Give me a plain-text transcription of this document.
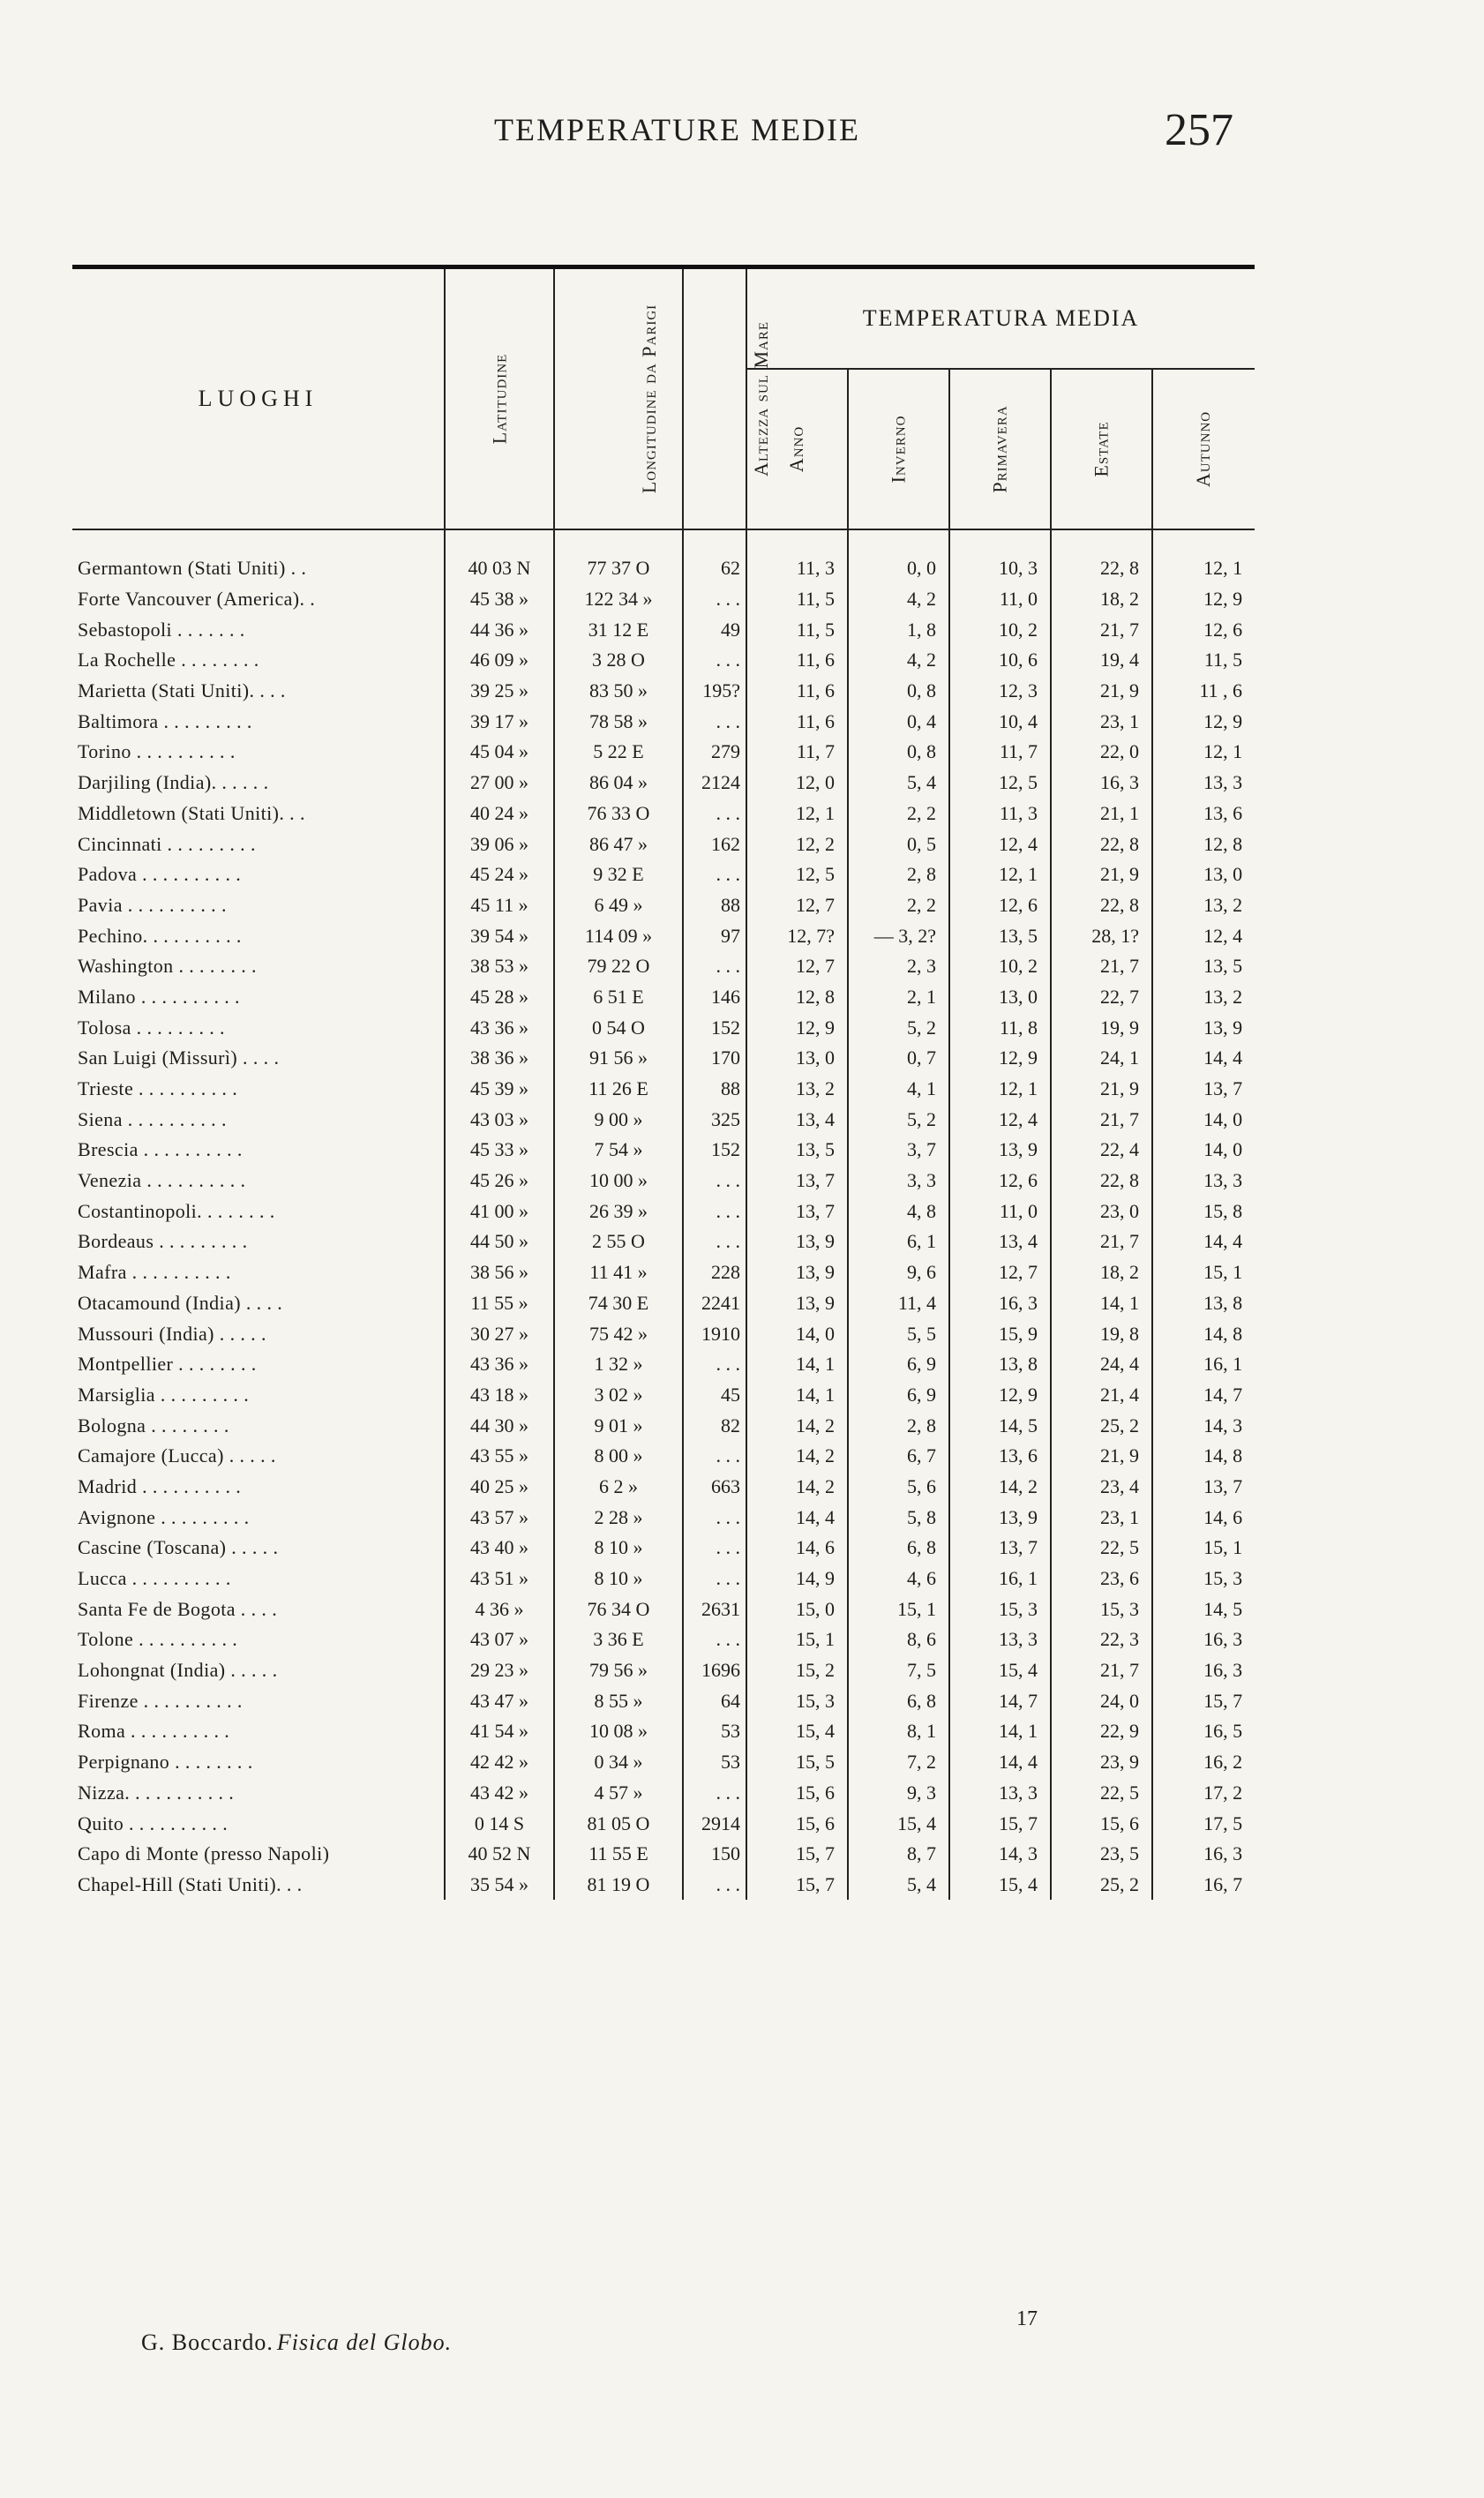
TEMPERATURE MEDIE	257
LUOGHI	Latitudine	Longitudine da Parigi	Altezza sul Mare	TEMPERATURA MEDIA				
				Anno	Inverno	Primavera	Estate	Autunno
Germantown (Stati Uniti) . .	40 03 N	77 37 O	62	11, 3	0, 0	10, 3	22, 8	12, 1
Forte Vancouver (America). .	45 38 »	122 34 »	. . .	11, 5	4, 2	11, 0	18, 2	12, 9
Sebastopoli . . . . . . .	44 36 »	31 12 E	49	11, 5	1, 8	10, 2	21, 7	12, 6
La Rochelle . . . . . . . .	46 09 »	3 28 O	. . .	11, 6	4, 2	10, 6	19, 4	11, 5
Marietta (Stati Uniti). . . .	39 25 »	83 50 »	195?	11, 6	0, 8	12, 3	21, 9	11 , 6
Baltimora . . . . . . . . .	39 17 »	78 58 »	. . .	11, 6	0, 4	10, 4	23, 1	12, 9
Torino . . . . . . . . . .	45 04 »	5 22 E	279	11, 7	0, 8	11, 7	22, 0	12, 1
Darjiling (India). . . . . .	27 00 »	86 04 »	2124	12, 0	5, 4	12, 5	16, 3	13, 3
Middletown (Stati Uniti). . .	40 24 »	76 33 O	. . .	12, 1	2, 2	11, 3	21, 1	13, 6
Cincinnati . . . . . . . . .	39 06 »	86 47 »	162	12, 2	0, 5	12, 4	22, 8	12, 8
Padova . . . . . . . . . .	45 24 »	9 32 E	. . .	12, 5	2, 8	12, 1	21, 9	13, 0
Pavia . . . . . . . . . .	45 11 »	6 49 »	88	12, 7	2, 2	12, 6	22, 8	13, 2
Pechino. . . . . . . . . .	39 54 »	114 09 »	97	12, 7?	— 3, 2?	13, 5	28, 1?	12, 4
Washington . . . . . . . .	38 53 »	79 22 O	. . .	12, 7	2, 3	10, 2	21, 7	13, 5
Milano . . . . . . . . . .	45 28 »	6 51 E	146	12, 8	2, 1	13, 0	22, 7	13, 2
Tolosa . . . . . . . . .	43 36 »	0 54 O	152	12, 9	5, 2	11, 8	19, 9	13, 9
San Luigi (Missurì) . . . .	38 36 »	91 56 »	170	13, 0	0, 7	12, 9	24, 1	14, 4
Trieste . . . . . . . . . .	45 39 »	11 26 E	88	13, 2	4, 1	12, 1	21, 9	13, 7
Siena . . . . . . . . . .	43 03 »	9 00 »	325	13, 4	5, 2	12, 4	21, 7	14, 0
Brescia . . . . . . . . . .	45 33 »	7 54 »	152	13, 5	3, 7	13, 9	22, 4	14, 0
Venezia . . . . . . . . . .	45 26 »	10 00 »	. . .	13, 7	3, 3	12, 6	22, 8	13, 3
Costantinopoli. . . . . . . .	41 00 »	26 39 »	. . .	13, 7	4, 8	11, 0	23, 0	15, 8
Bordeaus . . . . . . . . .	44 50 »	2 55 O	. . .	13, 9	6, 1	13, 4	21, 7	14, 4
Mafra . . . . . . . . . .	38 56 »	11 41 »	228	13, 9	9, 6	12, 7	18, 2	15, 1
Otacamound (India) . . . .	11 55 »	74 30 E	2241	13, 9	11, 4	16, 3	14, 1	13, 8
Mussouri (India) . . . . .	30 27 »	75 42 »	1910	14, 0	5, 5	15, 9	19, 8	14, 8
Montpellier . . . . . . . .	43 36 »	1 32 »	. . .	14, 1	6, 9	13, 8	24, 4	16, 1
Marsiglia . . . . . . . . .	43 18 »	3 02 »	45	14, 1	6, 9	12, 9	21, 4	14, 7
Bologna . . . . . . . .	44 30 »	9 01 »	82	14, 2	2, 8	14, 5	25, 2	14, 3
Camajore (Lucca) . . . . .	43 55 »	8 00 »	. . .	14, 2	6, 7	13, 6	21, 9	14, 8
Madrid . . . . . . . . . .	40 25 »	6 2 »	663	14, 2	5, 6	14, 2	23, 4	13, 7
Avignone . . . . . . . . .	43 57 »	2 28 »	. . .	14, 4	5, 8	13, 9	23, 1	14, 6
Cascine (Toscana) . . . . .	43 40 »	8 10 »	. . .	14, 6	6, 8	13, 7	22, 5	15, 1
Lucca . . . . . . . . . .	43 51 »	8 10 »	. . .	14, 9	4, 6	16, 1	23, 6	15, 3
Santa Fe de Bogota . . . .	4 36 »	76 34 O	2631	15, 0	15, 1	15, 3	15, 3	14, 5
Tolone . . . . . . . . . .	43 07 »	3 36 E	. . .	15, 1	8, 6	13, 3	22, 3	16, 3
Lohongnat (India) . . . . .	29 23 »	79 56 »	1696	15, 2	7, 5	15, 4	21, 7	16, 3
Firenze . . . . . . . . . .	43 47 »	8 55 »	64	15, 3	6, 8	14, 7	24, 0	15, 7
Roma . . . . . . . . . .	41 54 »	10 08 »	53	15, 4	8, 1	14, 1	22, 9	16, 5
Perpignano . . . . . . . .	42 42 »	0 34 »	53	15, 5	7, 2	14, 4	23, 9	16, 2
Nizza. . . . . . . . . . .	43 42 »	4 57 »	. . .	15, 6	9, 3	13, 3	22, 5	17, 2
Quito . . . . . . . . . .	0 14 S	81 05 O	2914	15, 6	15, 4	15, 7	15, 6	17, 5
Capo di Monte (presso Napoli)	40 52 N	11 55 E	150	15, 7	8, 7	14, 3	23, 5	16, 3
Chapel-Hill (Stati Uniti). . .	35 54 »	81 19 O	. . .	15, 7	5, 4	15, 4	25, 2	16, 7
G. Boccardo. Fisica del Globo.
17
